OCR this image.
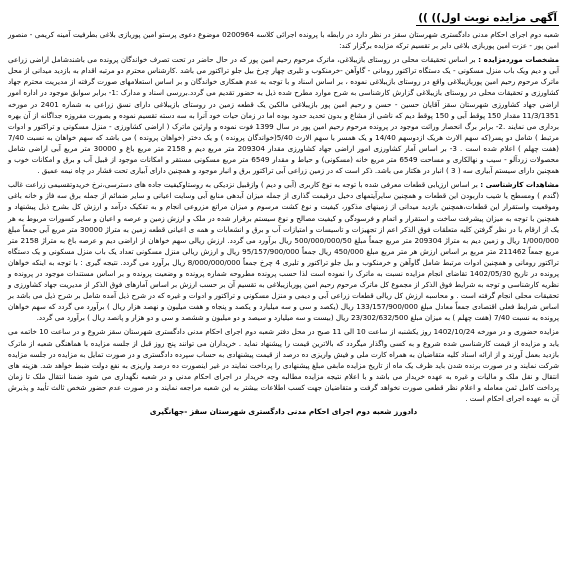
آگهی مزایده نوبت اول)) ))

شعبه دوم اجرای احکام مدنی دادگستری شهرستان سقز در نظر دارد در رابطه با پرونده اجرائی کلاسه 0200964 موضوع دعوی پرستو امین پوریازی بلاغی بطرفیت آمینه کریمی - منصور امین پور - عزت امین پوربازی بلاغی دایر بر تقسیم ترکه مزایده برگزار کند:

مشخصات موردمزایده : بر اساس تحقیقات محلی در روستای بازیبلاغی، ماترک مرحوم رحیم امین پور که در حال حاضر در تحت تصرف خواندگان پرونده می باشندشامل اراضی زراعی آبی و دیم ویک باب منزل مسکونی - یک دستگاه تراکتور رومانی - گاوآهن -خرمنکوب و تلیری چهار چرخ بیل جلو تراکتور می باشد .کارشناس محترم دو مرتبه اقدام به بازدید میدانی از محل ماترک مرحوم رحیم امین پوربازیبلاغی واقع در روستای بازیبلاغی نموده ، بر اساس اسناد و با توجه به عدم همکاری خواندگان و بر اساس استعلامهای صورت گرفته از مدیریت محترم جهاد کشاورزی و تحقیقات محلی در روستای بازیبلاغی گزارش کارشناسی به شرح موارد مطرح شده ذیل به حضور تقدیم می گردد.بررسی اسناد و مدارک :1- برابر سوابق موجود در اداره امور اراضی جهاد کشاورزی شهرستان سقز آقایان حسین - حسن و رحیم امین پور بازیبلاغی مالکین یک قطعه زمین در روستای بازیبلاغی دارای نسق زراعی به شماره 2401 در مورخه 11/3/1351 مقدار 150 پوقط آبی و 150 پوقط دیم که ناشی از مشاع و بدون تحدید حدود بوده اما در زمان حیات خود آنرا به سه دسته تقسیم نموده و بصورت مفروزه جداگانه از آن بهره برداری می نمایند .2- برابر برگ انحصار وراثت موجود در پرونده مرحوم رحیم امین پور در سال 1399 فوت نموده و وارثین ماترک ( اراضی کشاورزی - منزل مسکونی و تراکتور و ادوات مرتبط ) شامل دو پسر(که سهم الارث هریک ازدوسهم 14/40 و یک همسر با سهم الارث 5/40(خواندگان پرونده ) و یک دختر (خواهان پرونده ) می باشد که سهم خواهان به نسبت 7/40 (هفت چهلم ) اعلام شده است . 3- بر اساس آمار کشاورزی امور اراضی جهاد کشاورزی مقدار 209304 متر مربع دیم و 2158 متر مربع باغ و 30000 متر مربع آبی اراضی شامل محصولات زردآلو - سیب و نهالکاری و مساحت 6549 متر مربع خانه (مسکونی) و حیاط و مقدار 6549 متر مربع مسکونی مستقر و امکانات موجود از قبیل آب و برق و امکانات خوب و همچنین دارای سیستم آبیاری سه ( 3 ) انبار در هکتار می باشد. ذکر است که در زمین زراعی آبی تراکتور برق و انبار موجود و همچنین دارای آبیاری تحت فشار در چاه نیمه عمیق .

مشاهدات کارشناسی : بر اساس ارزیابی قطعات معرفی شده با توجه به نوع کاربری (آبی و دیم ) وازقبیل نزدیکی به روستاوکیفیت جاده های دسترسی،نرخ خریدوتقسیمی زراعت غالب (گندم ) ومسطح یا شیب داربودن این قطعات و همچنین سایرآیتمهای دخیل درقیمت گذاری از جمله میزان آبدهی منابع آبی وسایت اعیانی و سایر ضمائم از جمله برق سه فاز و خانه باغی وموقعیت واستقرار این قطعات،همچنین بازدید میدانی از زمینهای مذکور، کیفیت و نوع کشت مرسوم و میزان مراتع مزروعی انجام و به تفکیک درآمد و ارزش کل بشرح ذیل پیشنهاد و همچنین با توجه به میزان پیشرفت ساخت و استقرار و اتمام و فرسودگی و کیفیت مصالح و نوع سیستم برقرار شده در ملک و ارزش زمین و عرصه و اعیان و سایر کسورات مربوط به هر یک از ارقام با در نظر گرفتن کلیه متعلقات فوق الذکر اعم از تجهیزات و تاسیسات و امتیازات آب و برق و انشعابات و همه ی اعیانی قطعه زمین به متراژ 30000 متر مربع آبی جمعاً مبلغ 1/000/000 ریال و زمین دیم به متراژ 209304 متر مربع جمعاً مبلغ 500/000/000/50 ریال برآورد می گردد. ارزش ریالی سهم خواهان از اراضی دیم و عرصه باغ به متراژ 2158 متر مربع جمعاً 211462 متر مربع بر اساس ارزش هر متر مربع مبلغ 450/000 ریال جمعاً 95/157/900/000 ریال و ارزش ریالی منزل مسکونی تعداد یک باب منزل مسکونی و یک دستگاه تراکتور رومانی و همچنین ادوات مرتبط شامل گاوآهن و خرمنکوب و بیل جلو تراکتور و تلیری 4 چرخ جمعاً 8/000/000/000 ریال برآورد می گردد. نتیجه گیری : با توجه به اینکه خواهان پرونده در تاریخ 1402/05/30 تقاضای انجام مزایده نسبت به ماترک را نموده است لذا حسب پرونده مطروحه شماره پرونده و وضعیت پرونده و بر اساس مستندات موجود در پرونده و نظریه کارشناسی و توجه به شرایط فوق الذکر از مجموع کل ماترک مرحوم رحیم امین پوربازیبلاغی به تقسیم آن بر حسب ارزش بر اساس آمارهای فوق الذکر از مدیریت جهاد کشاورزی و تحقیقات محلی انجام گرفته است . و محاسبه ارزش کل ریالی قطعات زراعی آبی و دیمی و منزل مسکونی و تراکتور و ادوات و غیره که در شرح ذیل آمده شامل بر شرح ذیل می باشد بر اساس شرایط فعلی اقتصادی جمعاً معادل مبلغ 133/157/900/000 ریال (یکصد و سی و سه میلیارد و یکصد و پنجاه و هفت میلیون و نهصد هزار ریال ) برآورد می گردد که سهم خواهان پرونده به نسبت 7/40 (هفت چهلم ) به میزان مبلغ 23/302/632/500 ریال (بیست و سه میلیارد و سیصد و دو میلیون و ششصد و سی و دو هزار و پانصد ریال ) برآورد می گردد.

مزایده حضوری و در مورخه 1402/10/24 روز یکشنبه از ساعت 10 الی 11 صبح در محل دفتر شعبه دوم اجرای احکام مدنی دادگستری شهرستان سقز شروع و در ساعت 10 خاتمه می یابد و مزایده از قیمت کارشناسی شده شروع و به کسی واگذار میگردد که بالاترین قیمت را پیشنهاد نماید . خریداران می توانند پنج روز قبل از جلسه مزایده با هماهنگی شعبه از ماترک بازدید بعمل آورند و از ارائه اسناد کلیه متقاضیان به همراه کارت ملی و فیش واریزی ده درصد از قیمت پیشنهادی به حساب سپرده دادگستری و در صورت تمایل به مزایده در جلسه مزایده شرکت نمایند و در صورت برنده شدن باید ظرف یک ماه از تاریخ مزایده مابقی مبلغ پیشنهادی را پرداخت نمایند در غیر اینصورت ده درصد واریزی به نفع دولت ضبط خواهد شد. هزینه های انتقال و نقل ملک و مالیات و غیره به عهده خریدار می باشد و با اعلام نتیجه مزایده مطالبه وجه خریدار در اجرای احکام مدنی و در شعبه نگهداری می شود ضمنا انتقال ملک تا زمان پرداخت کامل ثمن معامله و اعلام نظر قطعی صورت نخواهد گرفت و متقاضیان جهت کسب اطلاعات بیشتر به این شعبه مراجعه نمایند و در صورت عدم حضور شخص ثالث تأیید و پذیرش آن به عهده اجرای احکام است .

دادورز شعبه دوم اجرای احکام مدنی دادگستری شهرستان سقز -جهانگیری
